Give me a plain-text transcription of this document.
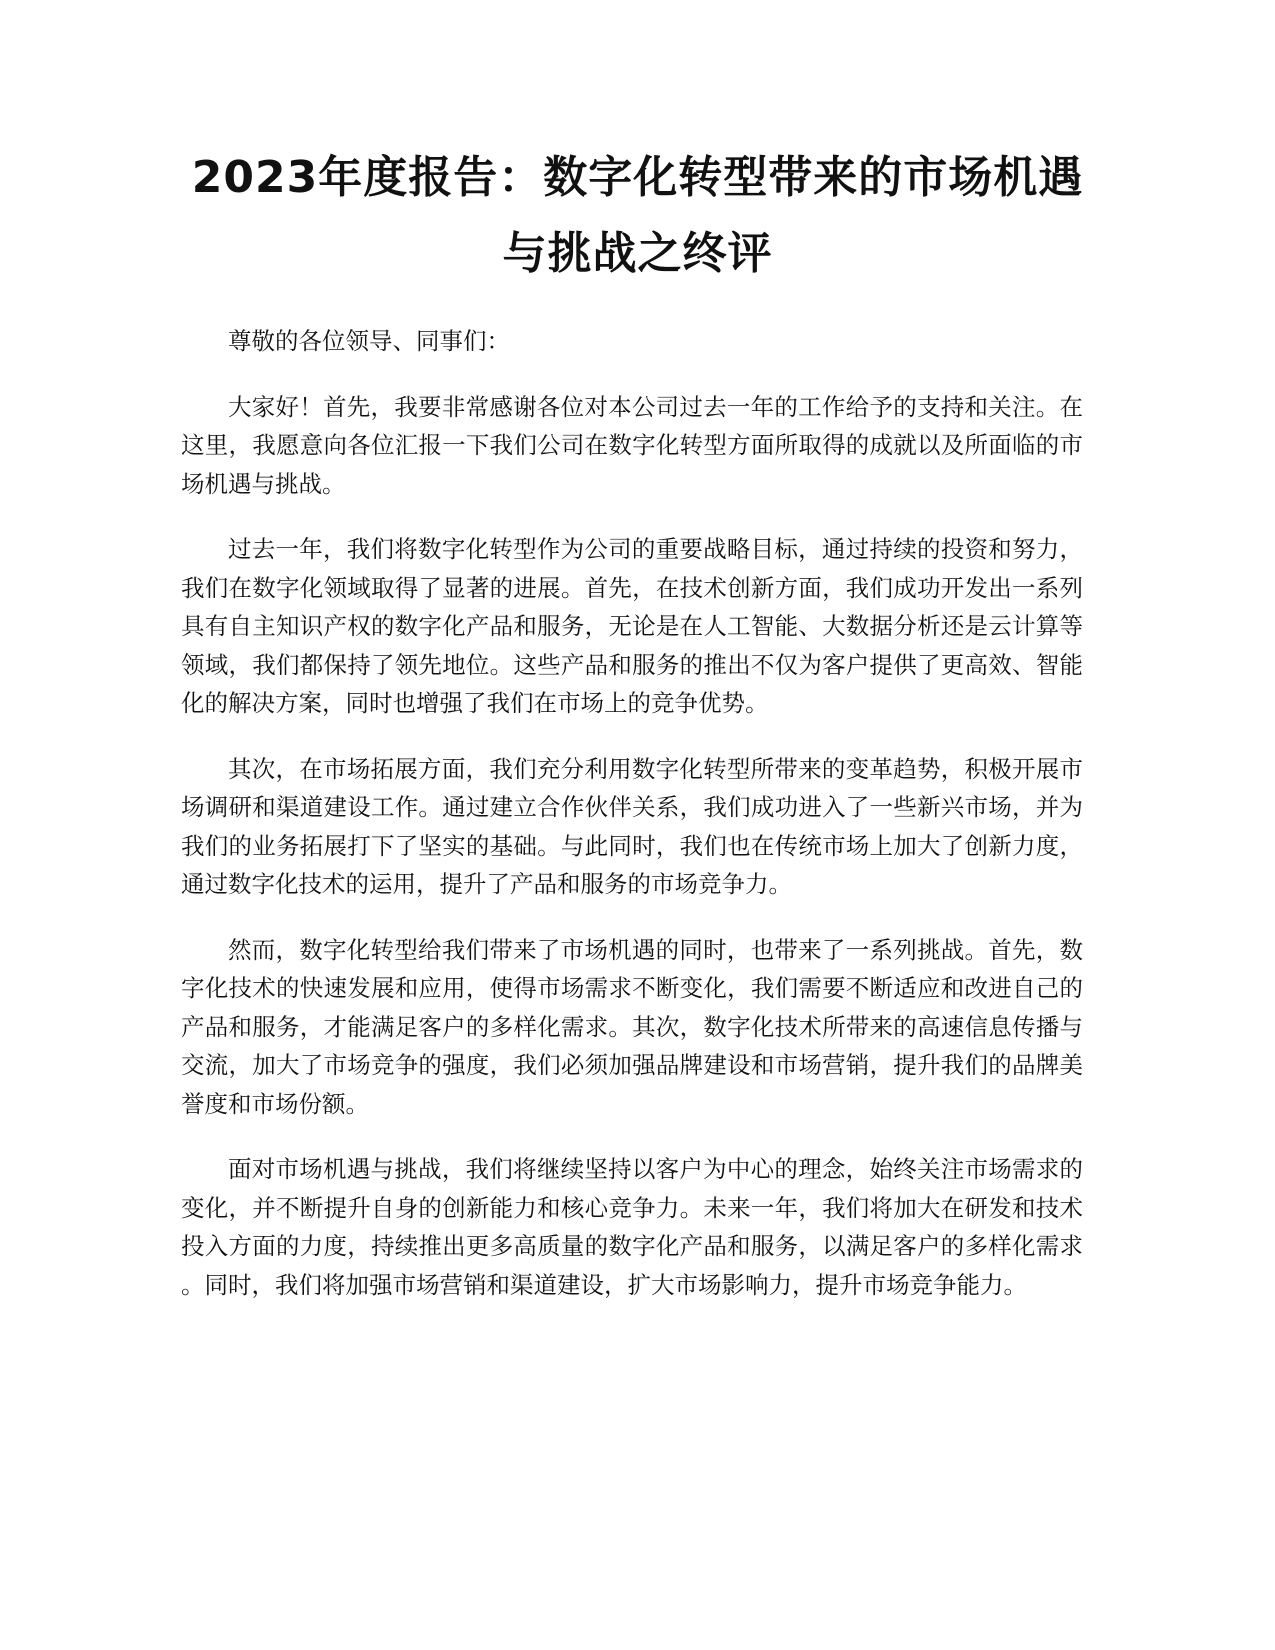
2023年度报告：数字化转型带来的市场机遇
与挑战之终评

尊敬的各位领导、同事们：

大家好！首先，我要非常感谢各位对本公司过去一年的工作给予的支持和关注。在这里，我愿意向各位汇报一下我们公司在数字化转型方面所取得的成就以及所面临的市场机遇与挑战。

过去一年，我们将数字化转型作为公司的重要战略目标，通过持续的投资和努力，我们在数字化领域取得了显著的进展。首先，在技术创新方面，我们成功开发出一系列具有自主知识产权的数字化产品和服务，无论是在人工智能、大数据分析还是云计算等领域，我们都保持了领先地位。这些产品和服务的推出不仅为客户提供了更高效、智能化的解决方案，同时也增强了我们在市场上的竞争优势。

其次，在市场拓展方面，我们充分利用数字化转型所带来的变革趋势，积极开展市场调研和渠道建设工作。通过建立合作伙伴关系，我们成功进入了一些新兴市场，并为我们的业务拓展打下了坚实的基础。与此同时，我们也在传统市场上加大了创新力度，通过数字化技术的运用，提升了产品和服务的市场竞争力。

然而，数字化转型给我们带来了市场机遇的同时，也带来了一系列挑战。首先，数字化技术的快速发展和应用，使得市场需求不断变化，我们需要不断适应和改进自己的产品和服务，才能满足客户的多样化需求。其次，数字化技术所带来的高速信息传播与交流，加大了市场竞争的强度，我们必须加强品牌建设和市场营销，提升我们的品牌美誉度和市场份额。

面对市场机遇与挑战，我们将继续坚持以客户为中心的理念，始终关注市场需求的变化，并不断提升自身的创新能力和核心竞争力。未来一年，我们将加大在研发和技术投入方面的力度，持续推出更多高质量的数字化产品和服务，以满足客户的多样化需求。同时，我们将加强市场营销和渠道建设，扩大市场影响力，提升市场竞争能力。
